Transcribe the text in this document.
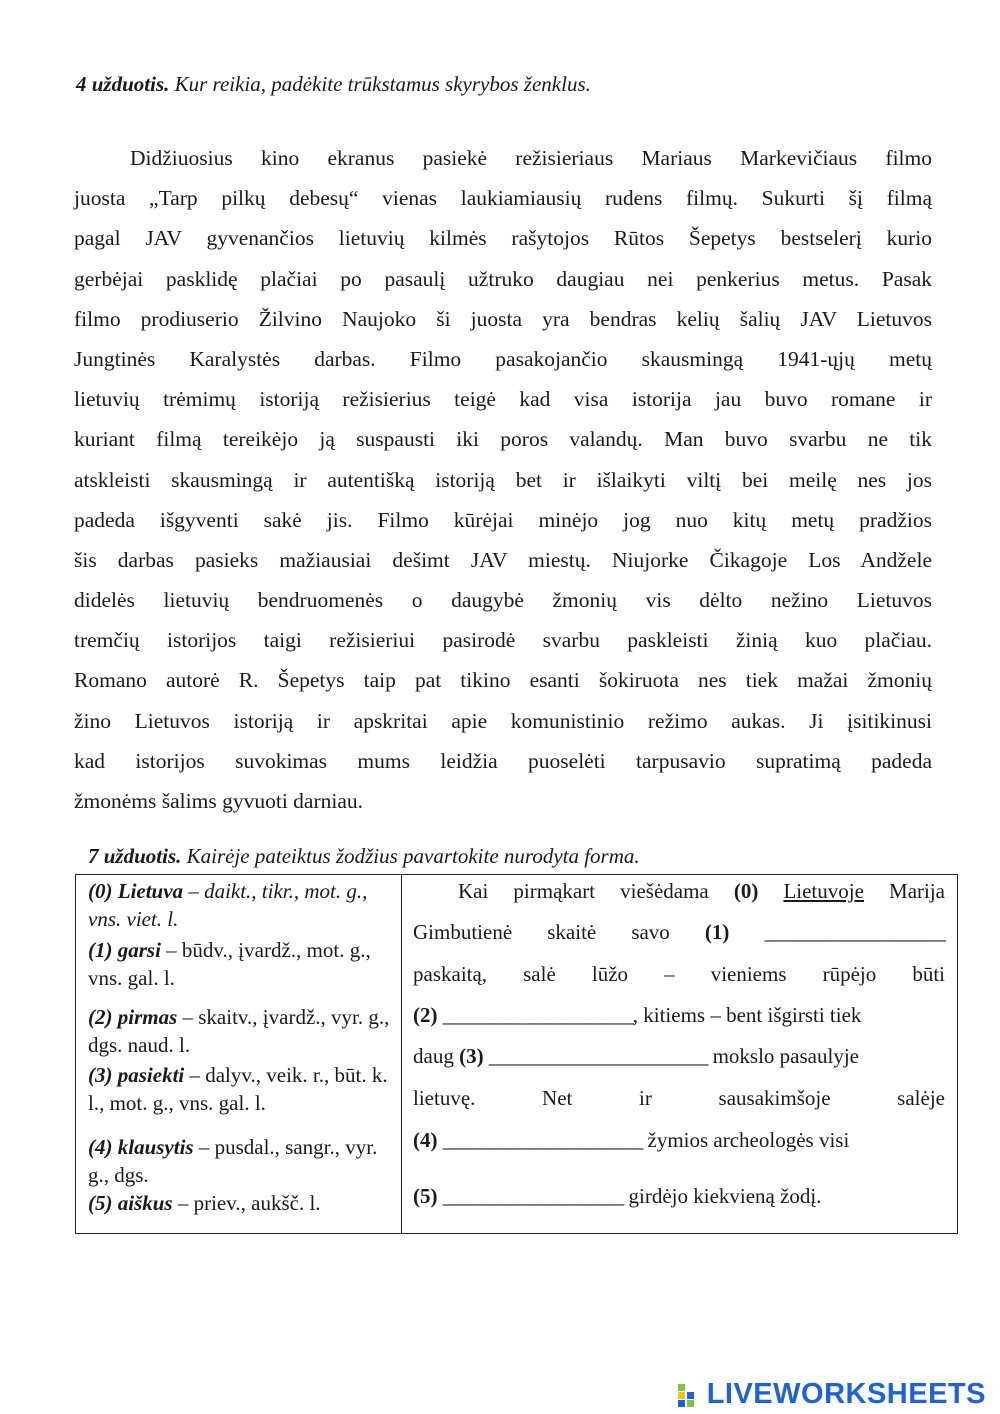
4 užduotis. Kur reikia, padėkite trūkstamus skyrybos ženklus.
Didžiuosius kino ekranus pasiekė režisieriaus Mariaus Markevičiaus filmo
juosta „Tarp pilkų debesų“ vienas laukiamiausių rudens filmų. Sukurti šį filmą
pagal JAV gyvenančios lietuvių kilmės rašytojos Rūtos Šepetys bestselerį kurio
gerbėjai pasklidę plačiai po pasaulį užtruko daugiau nei penkerius metus. Pasak
filmo prodiuserio Žilvino Naujoko ši juosta yra bendras kelių šalių JAV Lietuvos
Jungtinės Karalystės darbas. Filmo pasakojančio skausmingą 1941-ųjų metų
lietuvių trėmimų istoriją režisierius teigė kad visa istorija jau buvo romane ir
kuriant filmą tereikėjo ją suspausti iki poros valandų. Man buvo svarbu ne tik
atskleisti skausmingą ir autentišką istoriją bet ir išlaikyti viltį bei meilę nes jos
padeda išgyventi sakė jis. Filmo kūrėjai minėjo jog nuo kitų metų pradžios
šis darbas pasieks mažiausiai dešimt JAV miestų. Niujorke Čikagoje Los Andžele
didelės lietuvių bendruomenės o daugybė žmonių vis dėlto nežino Lietuvos
tremčių istorijos taigi režisieriui pasirodė svarbu paskleisti žinią kuo plačiau.
Romano autorė R. Šepetys taip pat tikino esanti šokiruota nes tiek mažai žmonių
žino Lietuvos istoriją ir apskritai apie komunistinio režimo aukas. Ji įsitikinusi
kad istorijos suvokimas mums leidžia puoselėti tarpusavio supratimą padeda
žmonėms šalims gyvuoti darniau.
7 užduotis. Kairėje pateiktus žodžius pavartokite nurodyta forma.
(0) Lietuva – daikt., tikr., mot. g., vns. viet. l.
(1) garsi – būdv., įvardž., mot. g., vns. gal. l.
(2) pirmas – skaitv., įvardž., vyr. g., dgs. naud. l.
(3) pasiekti – dalyv., veik. r., būt. k. l., mot. g., vns. gal. l.
(4) klausytis – pusdal., sangr., vyr. g., dgs.
(5) aiškus – priev., aukšč. l.

Kai pirmąkart viešėdama (0) Lietuvoje Marija
Gimbutienė skaitė savo (1) ___________________
paskaitą, salė lūžo – vieniems rūpėjo būti
(2) ____________________, kitiems – bent išgirsti tiek
daug (3) _______________________ mokslo pasaulyje
lietuvę. Net ir sausakimšoje salėje
(4) _____________________ žymios archeologės visi
(5) ___________________ girdėjo kiekvieną žodį.
LIVEWORKSHEETS
